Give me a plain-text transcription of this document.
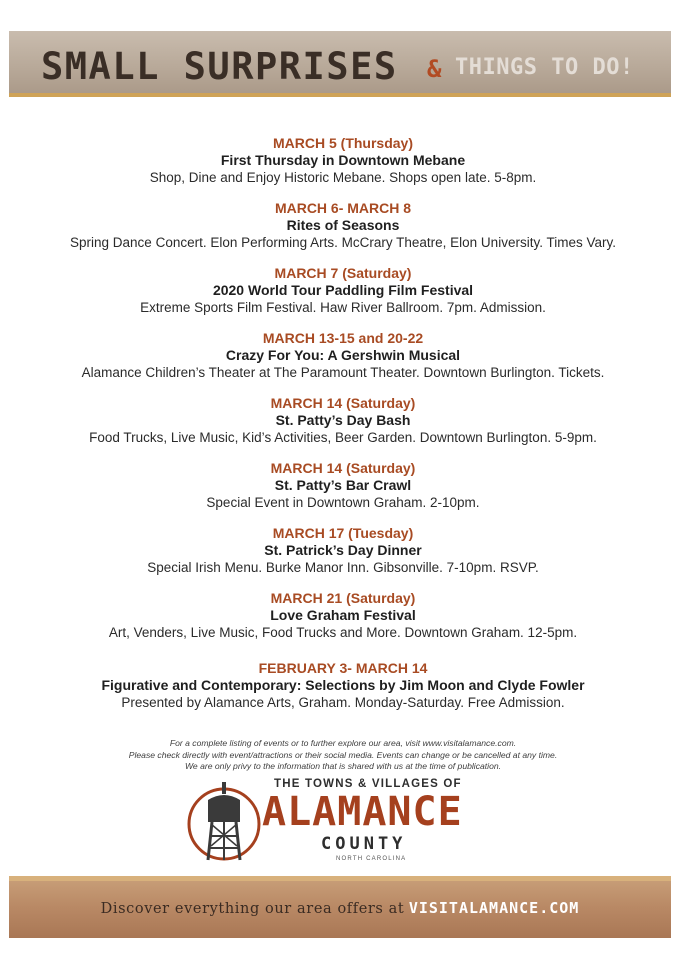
SMALL SURPRISES & THINGS TO DO!
MARCH 5 (Thursday)
First Thursday in Downtown Mebane
Shop, Dine and Enjoy Historic Mebane. Shops open late. 5-8pm.
MARCH 6- MARCH 8
Rites of Seasons
Spring Dance Concert. Elon Performing Arts. McCrary Theatre, Elon University. Times Vary.
MARCH 7 (Saturday)
2020 World Tour Paddling Film Festival
Extreme Sports Film Festival. Haw River Ballroom. 7pm. Admission.
MARCH 13-15 and 20-22
Crazy For You: A Gershwin Musical
Alamance Children’s Theater at The Paramount Theater. Downtown Burlington. Tickets.
MARCH 14 (Saturday)
St. Patty’s Day Bash
Food Trucks, Live Music, Kid’s Activities, Beer Garden. Downtown Burlington. 5-9pm.
MARCH 14 (Saturday)
St. Patty’s Bar Crawl
Special Event in Downtown Graham. 2-10pm.
MARCH 17 (Tuesday)
St. Patrick’s Day Dinner
Special Irish Menu. Burke Manor Inn. Gibsonville. 7-10pm. RSVP.
MARCH 21 (Saturday)
Love Graham Festival
Art, Venders, Live Music, Food Trucks and More. Downtown Graham. 12-5pm.
FEBRUARY 3- MARCH 14
Figurative and Contemporary: Selections by Jim Moon and Clyde Fowler
Presented by Alamance Arts, Graham. Monday-Saturday. Free Admission.
For a complete listing of events or to further explore our area, visit www.visitalamance.com.
Please check directly with event/attractions or their social media. Events can change or be cancelled at any time.
We are only privy to the information that is shared with us at the time of publication.
THE TOWNS & VILLAGES OF
ALAMANCE
COUNTY
NORTH CAROLINA
Discover everything our area offers at VISITALAMANCE.COM
